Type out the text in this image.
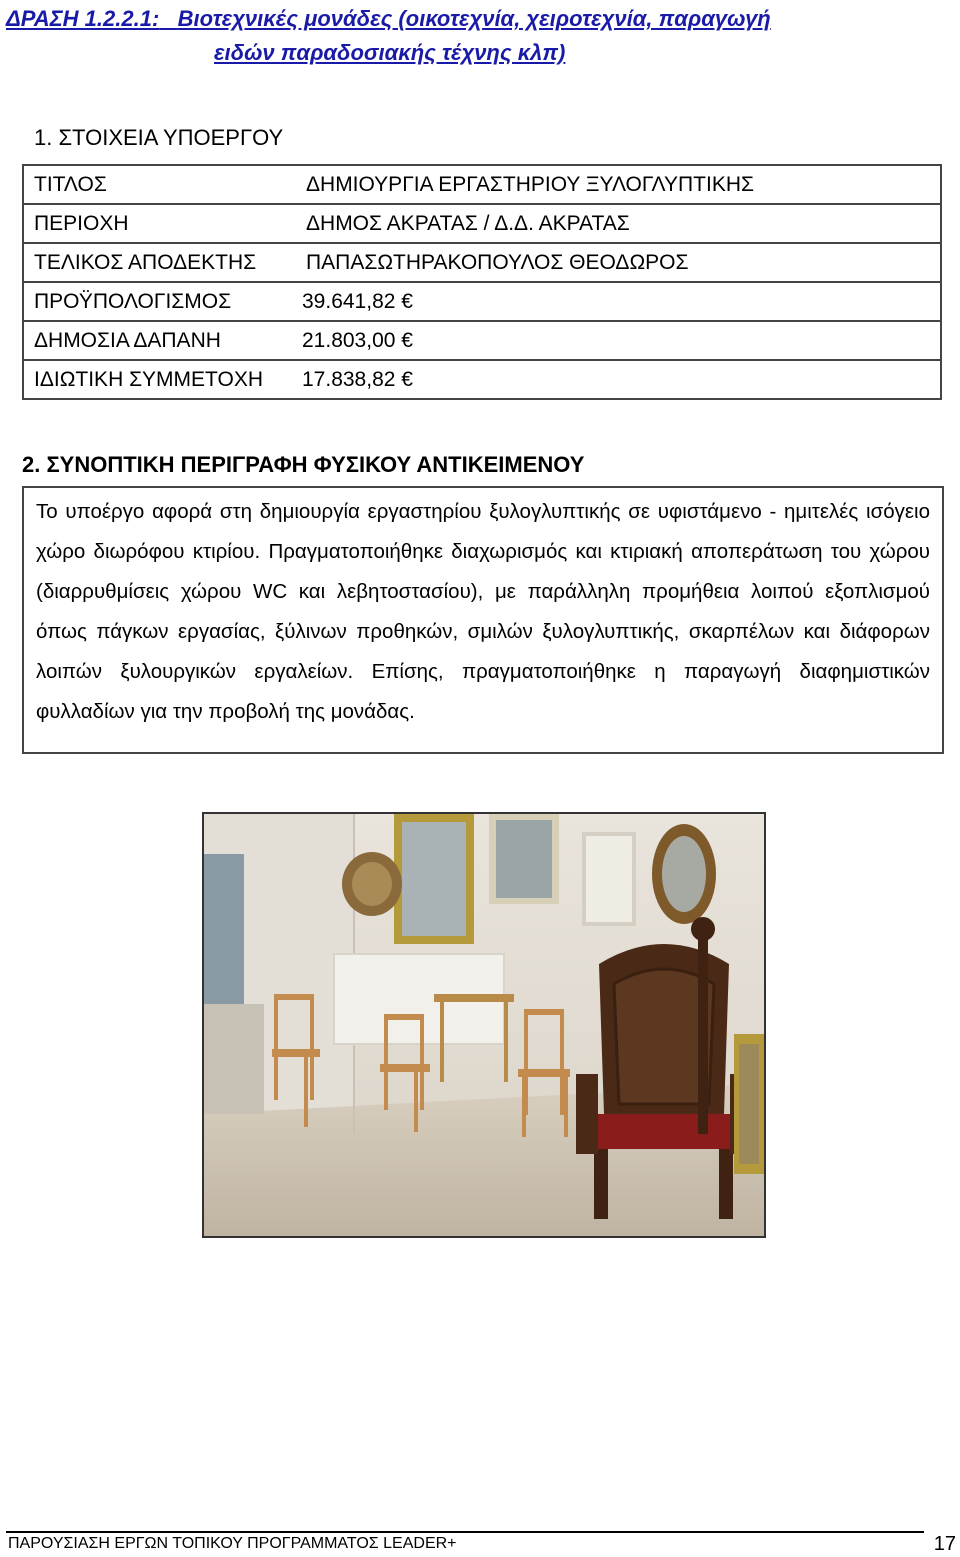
ΔΡΑΣΗ 1.2.2.1: Βιοτεχνικές μονάδες (οικοτεχνία, χειροτεχνία, παραγωγή
ειδών παραδοσιακής τέχνης κλπ)
1. ΣΤΟΙΧΕΙΑ ΥΠΟΕΡΓΟΥ
ΤΙΤΛΟΣ	ΔΗΜΙΟΥΡΓΙΑ ΕΡΓΑΣΤΗΡΙΟΥ ΞΥΛΟΓΛΥΠΤΙΚΗΣ
ΠΕΡΙΟΧΗ	ΔΗΜΟΣ ΑΚΡΑΤΑΣ / Δ.Δ. ΑΚΡΑΤΑΣ
ΤΕΛΙΚΟΣ ΑΠΟΔΕΚΤΗΣ	ΠΑΠΑΣΩΤΗΡΑΚΟΠΟΥΛΟΣ ΘΕΟΔΩΡΟΣ
ΠΡΟΫΠΟΛΟΓΙΣΜΟΣ	39.641,82 €
ΔΗΜΟΣΙΑ ΔΑΠΑΝΗ	21.803,00 €
ΙΔΙΩΤΙΚΗ ΣΥΜΜΕΤΟΧΗ	17.838,82 €
2. ΣΥΝΟΠΤΙΚΗ ΠΕΡΙΓΡΑΦΗ ΦΥΣΙΚΟΥ ΑΝΤΙΚΕΙΜΕΝΟΥ
Το υποέργο αφορά στη δημιουργία εργαστηρίου ξυλογλυπτικής σε υφιστάμενο - ημιτελές ισόγειο χώρο διωρόφου κτιρίου. Πραγματοποιήθηκε διαχωρισμός και κτιριακή αποπεράτωση του χώρου (διαρρυθμίσεις χώρου WC και λεβητοστασίου), με παράλληλη προμήθεια λοιπού εξοπλισμού όπως πάγκων εργασίας, ξύλινων προθηκών, σμιλών ξυλογλυπτικής, σκαρπέλων και διάφορων λοιπών ξυλουργικών εργαλείων. Επίσης, πραγματοποιήθηκε η παραγωγή διαφημιστικών φυλλαδίων για την προβολή της μονάδας.
ΠΑΡΟΥΣΙΑΣΗ ΕΡΓΩΝ ΤΟΠΙΚΟΥ ΠΡΟΓΡΑΜΜΑΤΟΣ LEADER+	17
